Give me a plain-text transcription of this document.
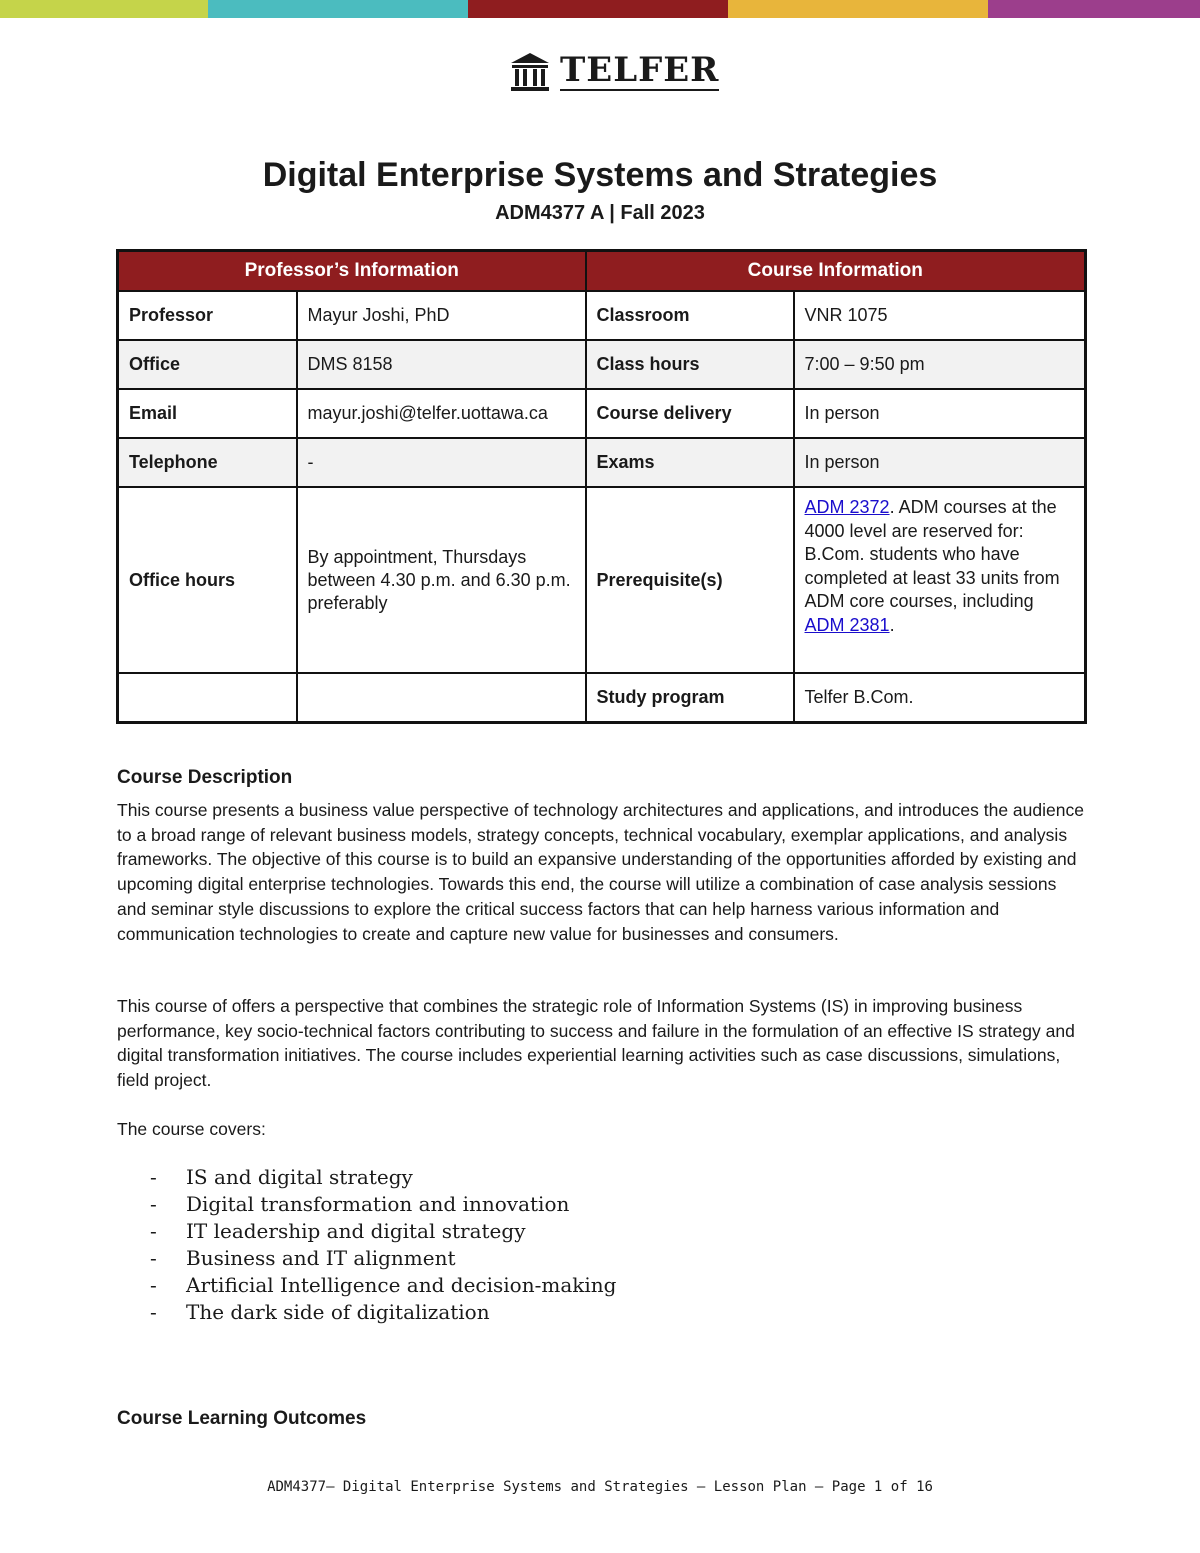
TELFER
Digital Enterprise Systems and Strategies
ADM4377 A | Fall 2023
Professor’s Information		Course Information	
Professor	Mayur Joshi, PhD	Classroom	VNR 1075
Office	DMS 8158	Class hours	7:00 – 9:50 pm
Email	mayur.joshi@telfer.uottawa.ca	Course delivery	In person
Telephone	-	Exams	In person
Office hours	By appointment, Thursdays between 4.30 p.m. and 6.30 p.m. preferably	Prerequisite(s)	ADM 2372. ADM courses at the 4000 level are reserved for: B.Com. students who have completed at least 33 units from ADM core courses, including ADM 2381.
		Study program	Telfer B.Com.
Course Description
This course presents a business value perspective of technology architectures and applications, and introduces the audience to a broad range of relevant business models, strategy concepts, technical vocabulary, exemplar applications, and analysis frameworks. The objective of this course is to build an expansive understanding of the opportunities afforded by existing and upcoming digital enterprise technologies. Towards this end, the course will utilize a combination of case analysis sessions and seminar style discussions to explore the critical success factors that can help harness various information and communication technologies to create and capture new value for businesses and consumers.
This course of offers a perspective that combines the strategic role of Information Systems (IS) in improving business performance, key socio-technical factors contributing to success and failure in the formulation of an effective IS strategy and digital transformation initiatives. The course includes experiential learning activities such as case discussions, simulations, field project.
The course covers:
-	IS and digital strategy
-	Digital transformation and innovation
-	IT leadership and digital strategy
-	Business and IT alignment
-	Artificial Intelligence and decision-making
-	The dark side of digitalization
Course Learning Outcomes
ADM4377– Digital Enterprise Systems and Strategies – Lesson Plan – Page 1 of 16
